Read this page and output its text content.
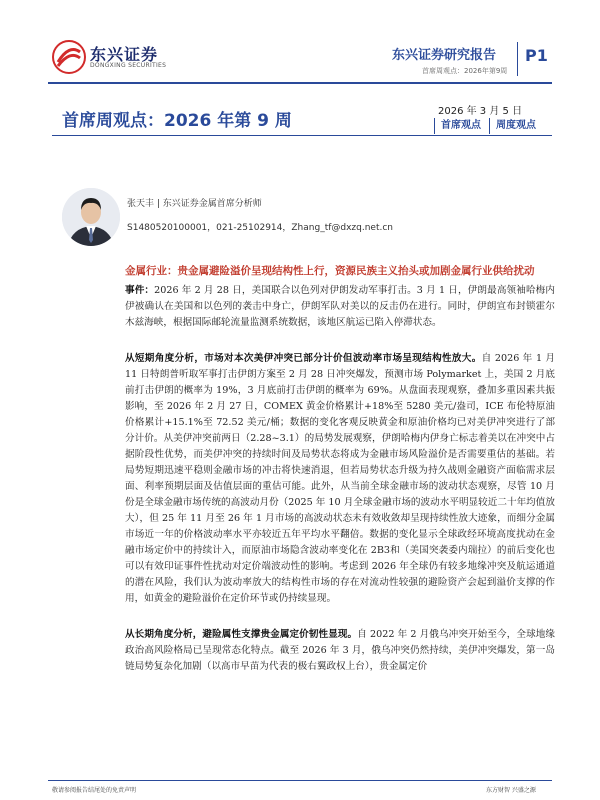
东兴证券
DONGXING SECURITIES
东兴证券研究报告
首席周观点：2026年第9周
P1
首席周观点：2026 年第 9 周	2026 年 3 月 5 日
首席观点	周度观点
张天丰 | 东兴证券金属首席分析师
S1480520100001，021-25102914，Zhang_tf@dxzq.net.cn
金属行业：贵金属避险溢价呈现结构性上行，资源民族主义抬头或加剧金属行业供给扰动
事件：2026 年 2 月 28 日，美国联合以色列对伊朗发动军事打击。3 月 1 日，伊朗最高领袖哈梅内伊被确认在美国和以色列的袭击中身亡，伊朗军队对美以的反击仍在进行。同时，伊朗宣布封锁霍尔木兹海峡，根据国际邮轮流量监测系统数据，该地区航运已陷入停滞状态。
从短期角度分析，市场对本次美伊冲突已部分计价但波动率市场呈现结构性放大。自 2026 年 1 月 11 日特朗普听取军事打击伊朗方案至 2 月 28 日冲突爆发，预测市场 Polymarket 上，美国 2 月底前打击伊朗的概率为 19%，3 月底前打击伊朗的概率为 69%。从盘面表现观察，叠加多重因素共振影响，至 2026 年 2 月 27 日，COMEX 黄金价格累计+18%至 5280 美元/盎司，ICE 布伦特原油价格累计+15.1%至 72.52 美元/桶；数据的变化客观反映黄金和原油价格均已对美伊冲突进行了部分计价。从美伊冲突前两日（2.28~3.1）的局势发展观察，伊朗哈梅内伊身亡标志着美以在冲突中占据阶段性优势，而美伊冲突的持续时间及局势状态将成为金融市场风险溢价是否需要重估的基础。若局势短期迅速平稳则金融市场的冲击将快速消退，但若局势状态升级为持久战则金融资产面临需求层面、利率预期层面及估值层面的重估可能。此外，从当前全球金融市场的波动状态观察，尽管 10 月份是全球金融市场传统的高波动月份（2025 年 10 月全球金融市场的波动水平明显较近二十年均值放大），但 25 年 11 月至 26 年 1 月市场的高波动状态未有效收敛却呈现持续性放大迹象，而细分金属市场近一年的价格波动率水平亦较近五年平均水平翻倍。数据的变化显示全球政经环境高度扰动在金融市场定价中的持续计入，而原油市场隐含波动率变化在 2B3和（美国突袭委内瑞拉）的前后变化也可以有效印证事件性扰动对定价端波动性的影响。考虑到 2026 年全球仍有较多地缘冲突及航运通道的潜在风险，我们认为波动率放大的结构性市场的存在对流动性较强的避险资产会起到溢价支撑的作用，如黄金的避险溢价在定价环节或仍持续显现。
从长期角度分析，避险属性支撑贵金属定价韧性显现。自 2022 年 2 月俄乌冲突开始至今，全球地缘政治高风险格局已呈现常态化特点。截至 2026 年 3 月，俄乌冲突仍然持续，美伊冲突爆发，第一岛链局势复杂化加剧（以高市早苗为代表的极右翼政权上台），贵金属定价
敬请参阅报告结尾处的免责声明	东方财智 兴盛之源
